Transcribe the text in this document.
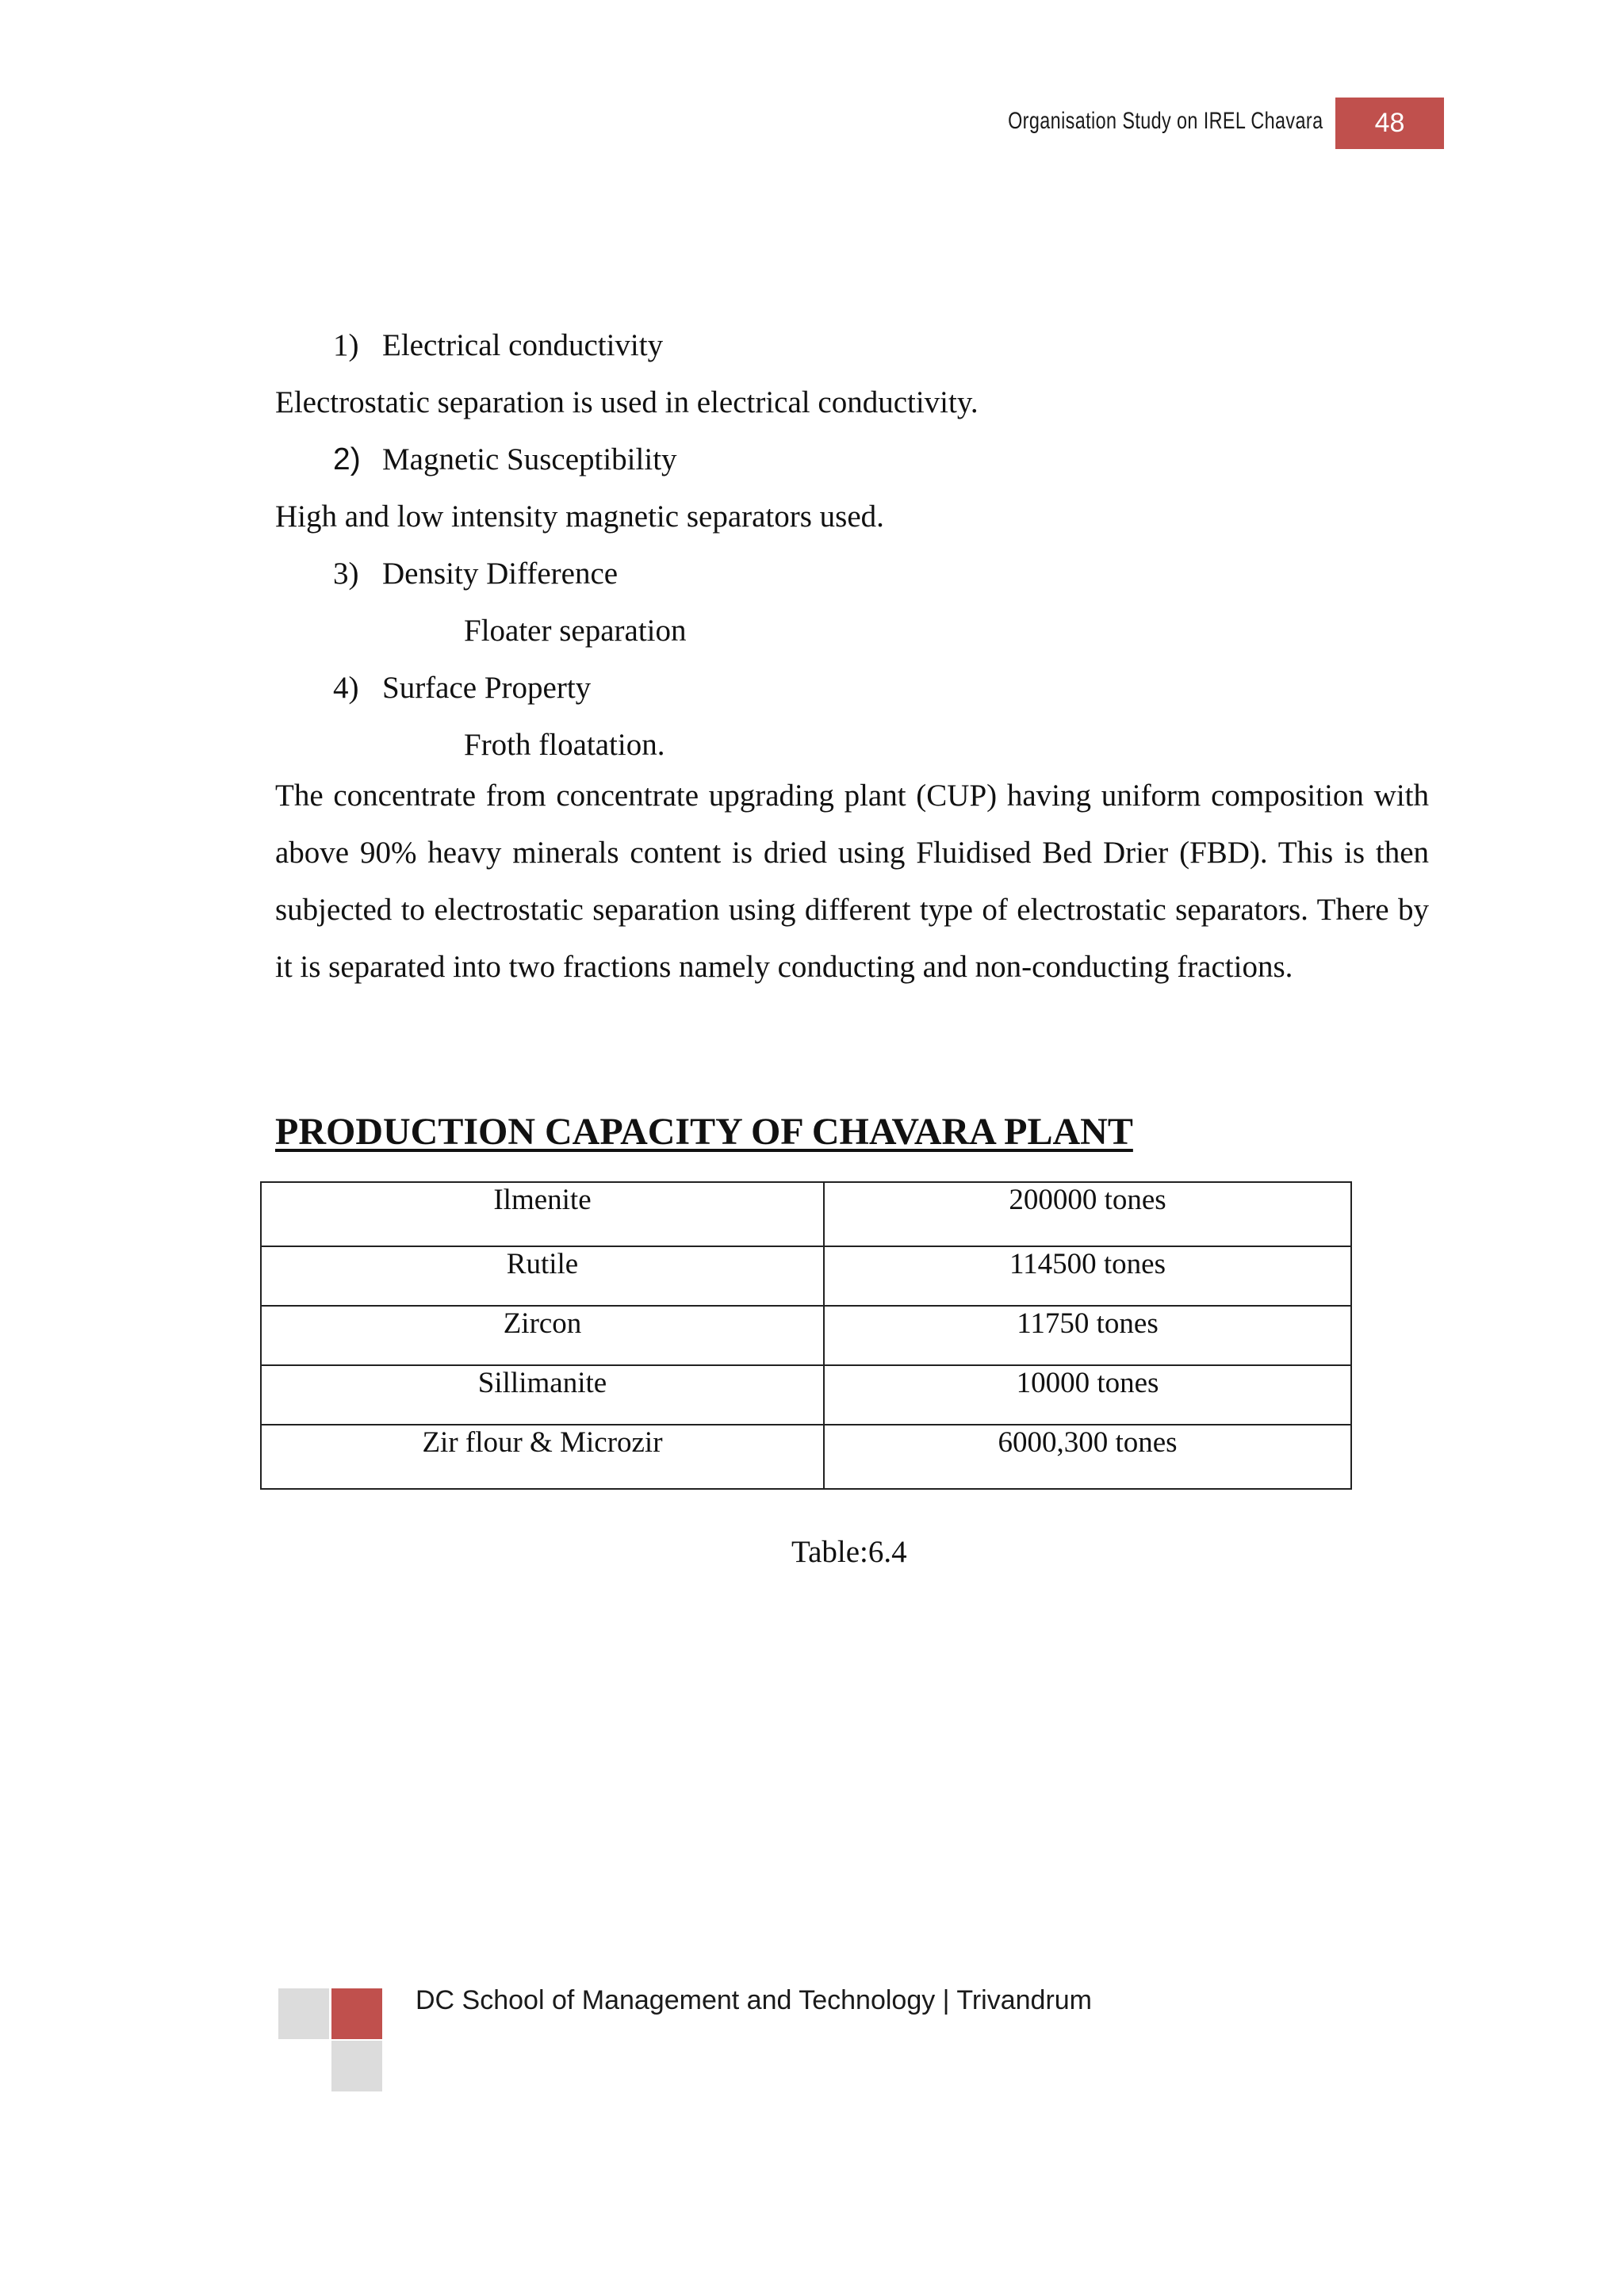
Organisation Study on IREL Chavara	48
1) Electrical conductivity
Electrostatic separation is used in electrical conductivity.
2) Magnetic Susceptibility
High and low intensity magnetic separators used.
3) Density Difference
Floater separation
4) Surface Property
Froth floatation.
The concentrate from concentrate upgrading plant (CUP) having uniform composition with above 90% heavy minerals content is dried using Fluidised Bed Drier (FBD). This is then subjected to electrostatic separation using different type of electrostatic separators. There by it is separated into two fractions namely conducting and non-conducting fractions.
PRODUCTION CAPACITY OF CHAVARA PLANT
Ilmenite	200000 tones
Rutile	114500 tones
Zircon	11750 tones
Sillimanite	10000 tones
Zir flour & Microzir	6000,300 tones
Table:6.4
DC School of Management and Technology | Trivandrum
